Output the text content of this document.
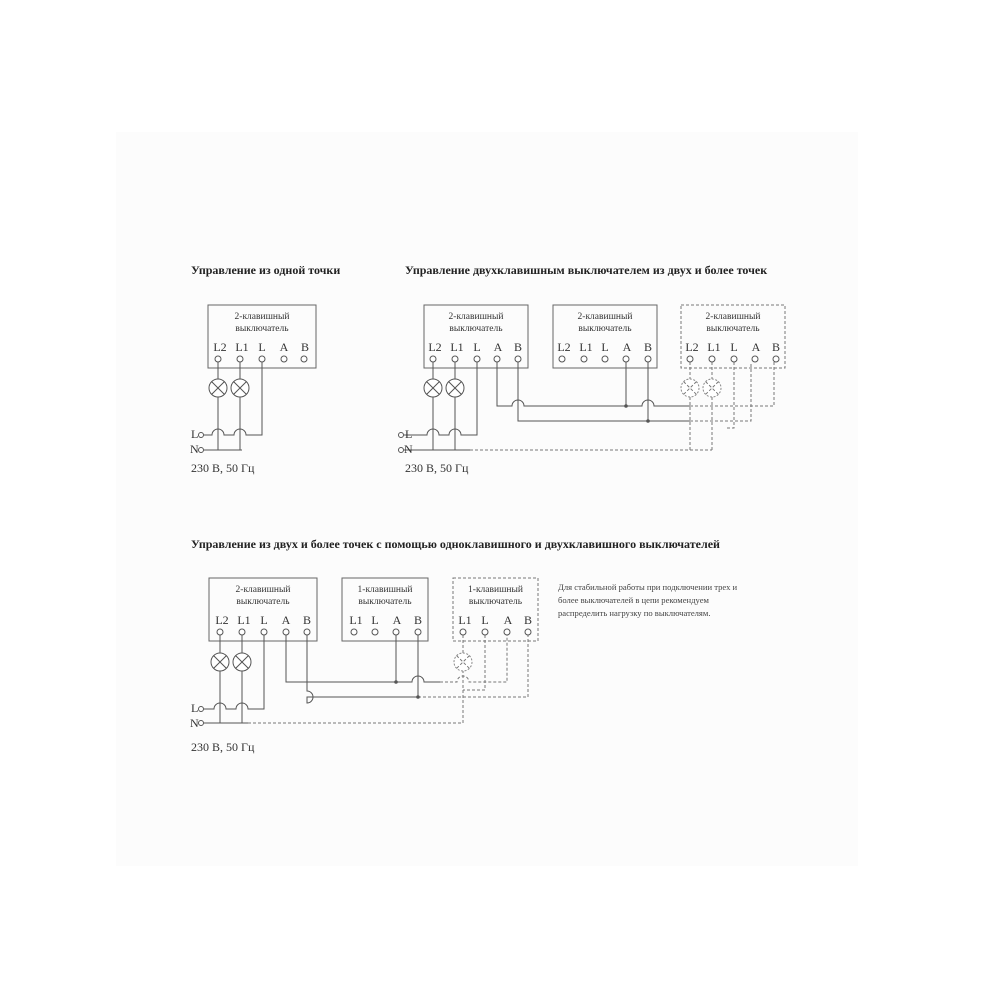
Управление из одной точки
2-клавишный
выключатель
L2 L1 L A B
L
N
230 В, 50 Гц
Управление двухклавишным выключателем из двух и более точек
2-клавишный
выключатель
2-клавишный
выключатель
2-клавишный
выключатель
L2 L1 L A B	L2 L1 L A B	L2 L1 L A B
L
N
230 В, 50 Гц
Управление из двух и более точек с помощью одноклавишного и двухклавишного выключателей
2-клавишный
выключатель
1-клавишный
выключатель
1-клавишный
выключатель
L2 L1 L A B	L1 L A B	L1 L A B
L
N
230 В, 50 Гц
Для стабильной работы при подключении трех и
более выключателей в цепи рекомендуем
распределить нагрузку по выключателям.
